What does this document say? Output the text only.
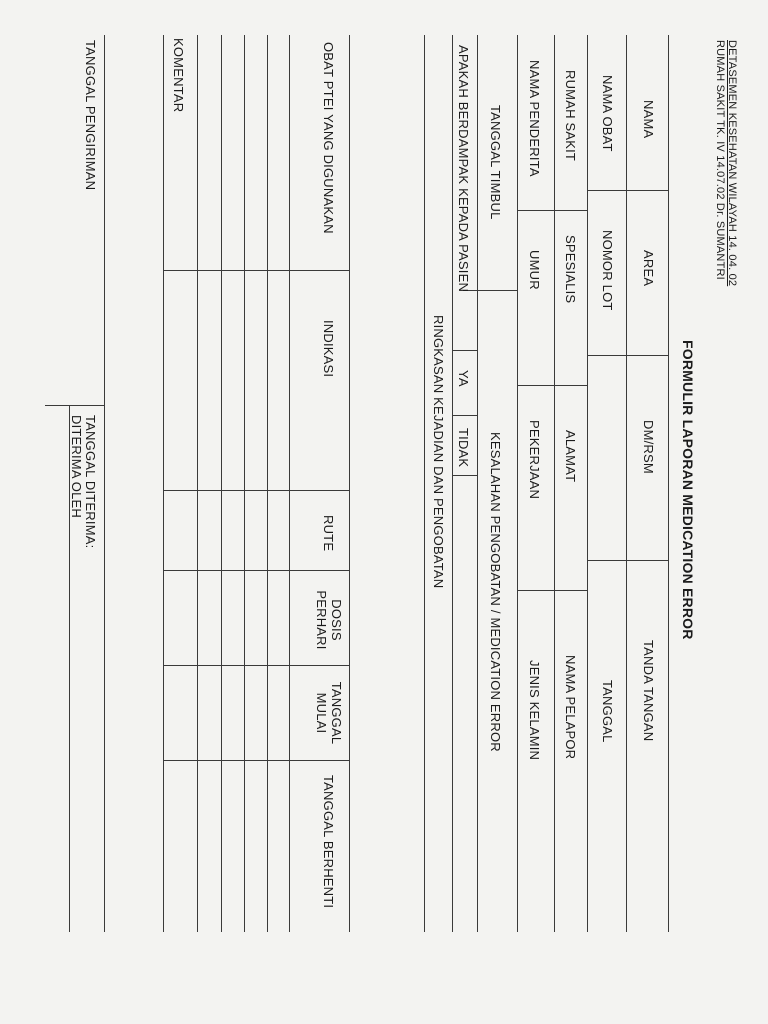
DETASEMEN KESEHATAN WILAYAH 14. 04. 02
RUMAH SAKIT TK. IV 14.07.02 Dr. SUMANTRI
FORMULIR LAPORAN MEDICATION ERROR
NAMA
AREA
DM/RSM
TANDA TANGAN
NAMA OBAT
NOMOR LOT
TANGGAL
RUMAH SAKIT
SPESIALIS
ALAMAT
NAMA PELAPOR
NAMA PENDERITA
UMUR
PEKERJAAN
JENIS KELAMIN
TANGGAL TIMBUL
KESALAHAN PENGOBATAN / MEDICATION ERROR
APAKAH BERDAMPAK KEPADA PASIEN
YA
TIDAK
RINGKASAN KEJADIAN DAN PENGOBATAN
OBAT PTEI YANG DIGUNAKAN
INDIKASI
RUTE
DOSIS PERHARI
TANGGAL MULAI
TANGGAL BERHENTI
KOMENTAR
TANGGAL PENGIRIMAN
TANGGAL DITERIMA:
DITERIMA OLEH
